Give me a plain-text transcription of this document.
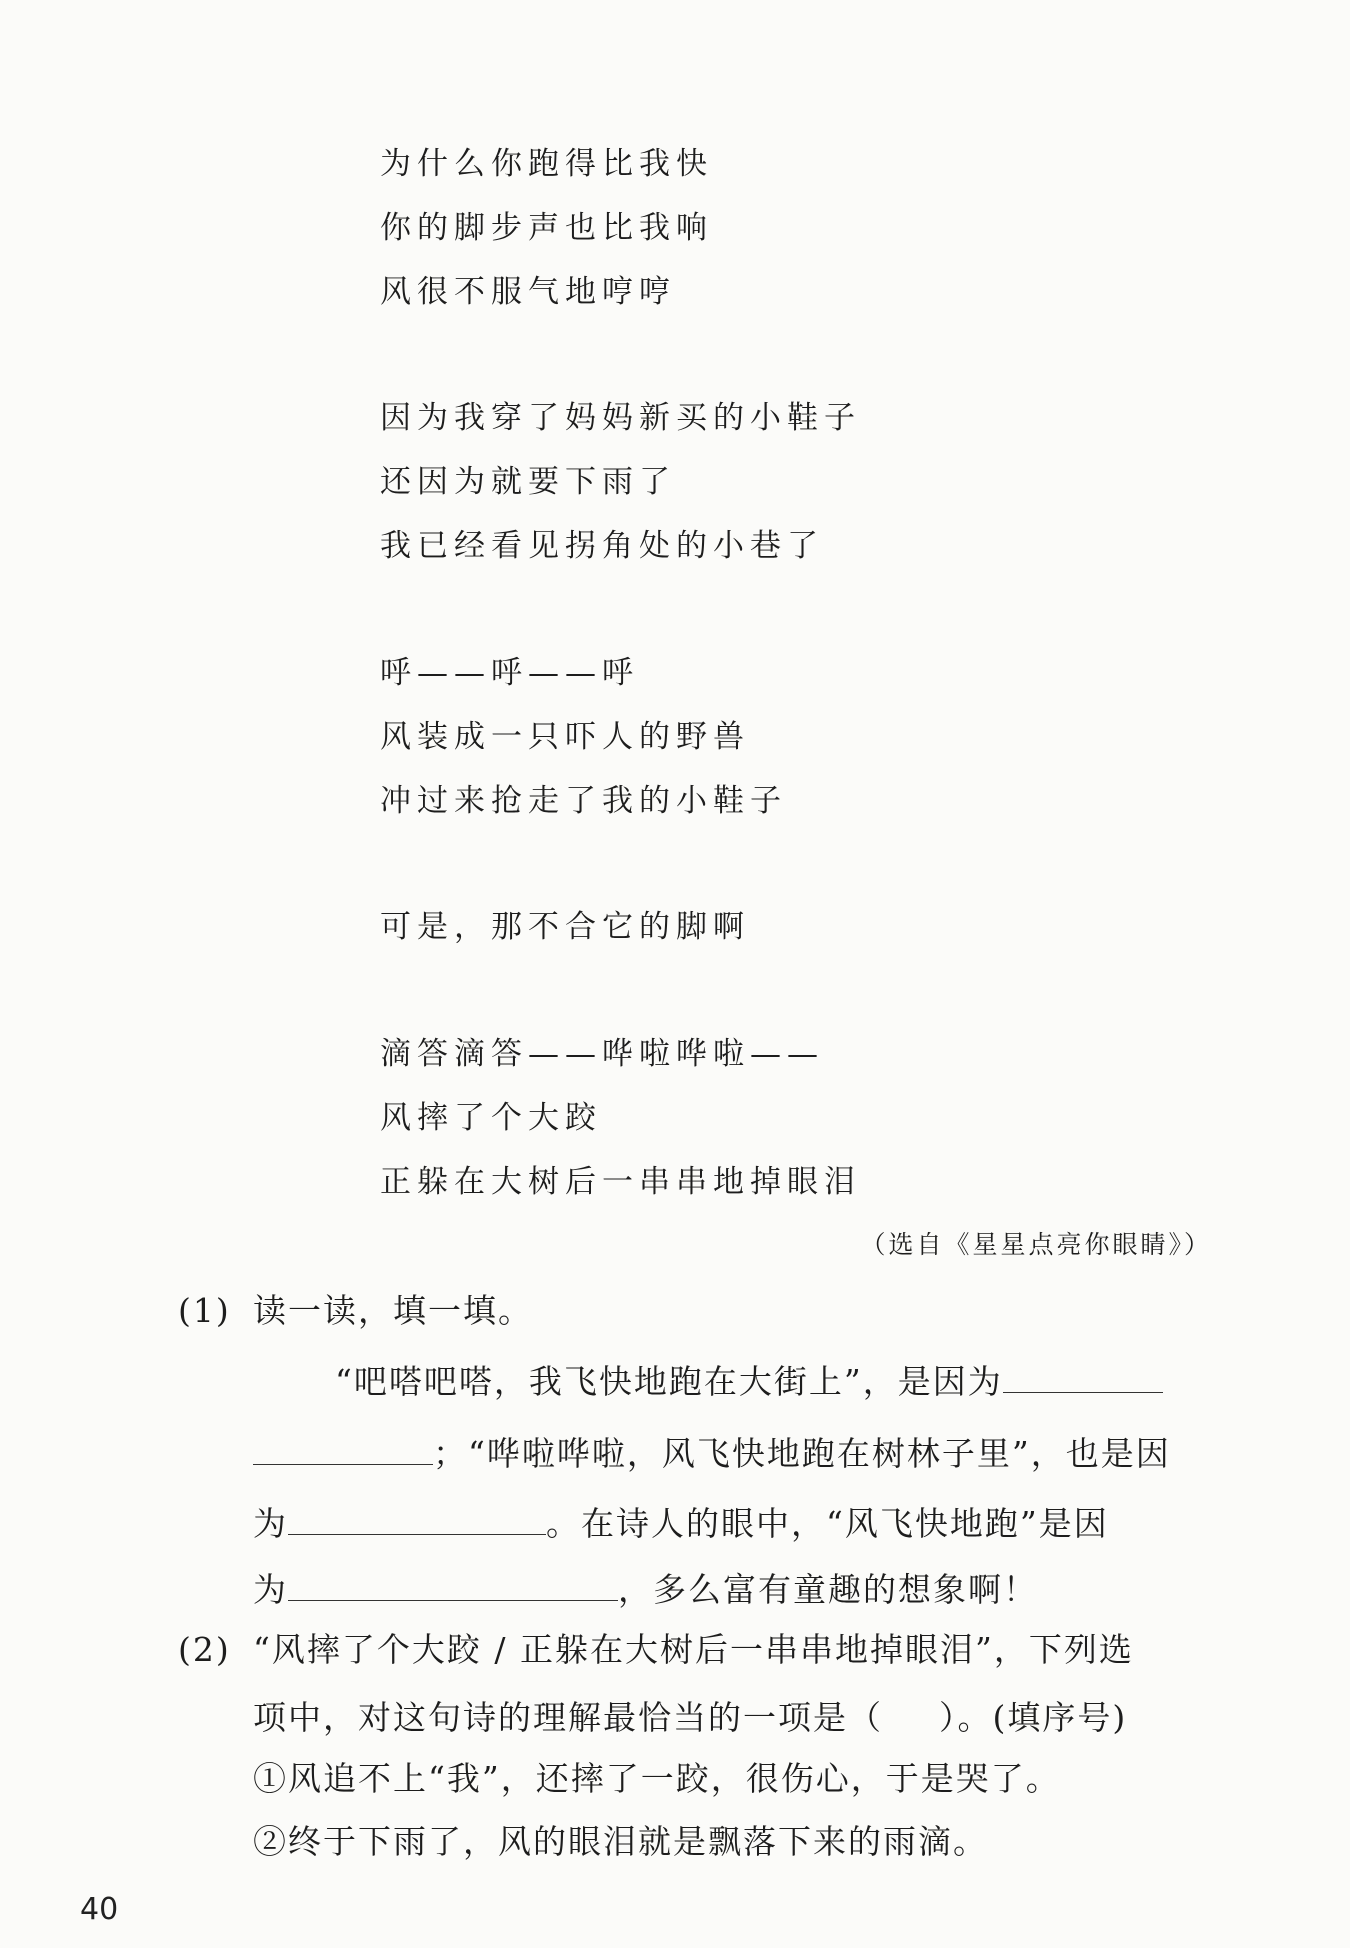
为什么你跑得比我快
你的脚步声也比我响
风很不服气地哼哼
因为我穿了妈妈新买的小鞋子
还因为就要下雨了
我已经看见拐角处的小巷了
呼——呼——呼
风装成一只吓人的野兽
冲过来抢走了我的小鞋子
可是，那不合它的脚啊
滴答滴答——哗啦哗啦——
风摔了个大跤
正躲在大树后一串串地掉眼泪
（选自《星星点亮你眼睛》）
(1) 读一读，填一填。
“吧嗒吧嗒，我飞快地跑在大街上”，是因为
；“哗啦哗啦，风飞快地跑在树林子里”，也是因
为	。在诗人的眼中，“风飞快地跑”是因
为	，多么富有童趣的想象啊！
(2) “风摔了个大跤 / 正躲在大树后一串串地掉眼泪”，下列选
项中，对这句诗的理解最恰当的一项是（ ）。(填序号)
①风追不上“我”，还摔了一跤，很伤心，于是哭了。
②终于下雨了，风的眼泪就是飘落下来的雨滴。
40
